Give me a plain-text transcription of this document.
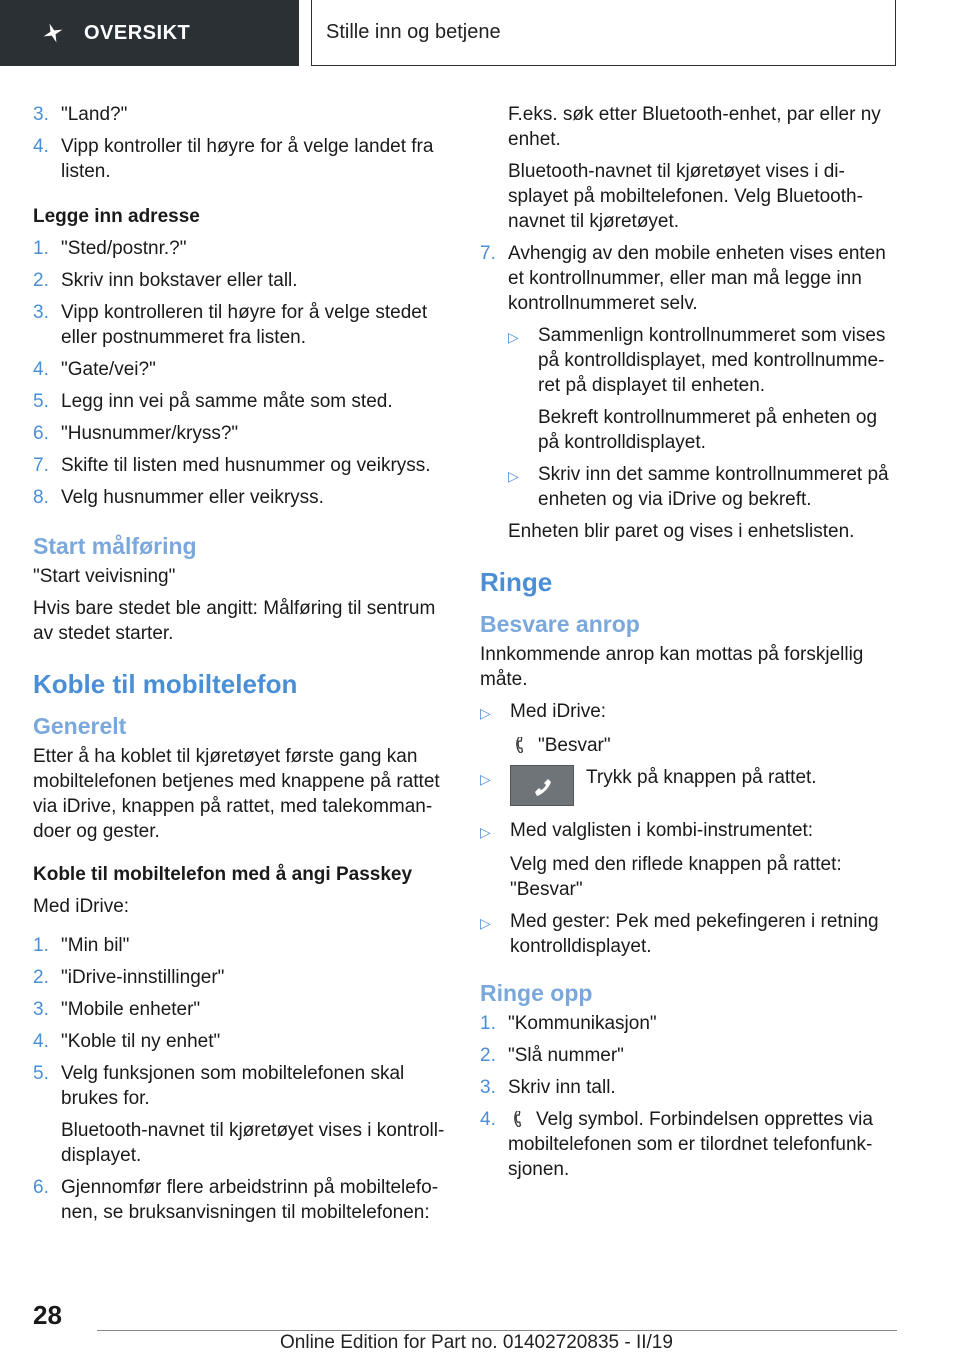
OVERSIKT	Stille inn og betjene
3. "Land?"
4. Vipp kontroller til høyre for å velge landet fra listen.
Legge inn adresse
1. "Sted/postnr.?"
2. Skriv inn bokstaver eller tall.
3. Vipp kontrolleren til høyre for å velge stedet eller postnummeret fra listen.
4. "Gate/vei?"
5. Legg inn vei på samme måte som sted.
6. "Husnummer/kryss?"
7. Skifte til listen med husnummer og veikryss.
8. Velg husnummer eller veikryss.
Start målføring
"Start veivisning"
Hvis bare stedet ble angitt: Målføring til sentrum av stedet starter.
Koble til mobiltelefon
Generelt
Etter å ha koblet til kjøretøyet første gang kan mobiltelefonen betjenes med knappene på rattet via iDrive, knappen på rattet, med talekommandoer og gester.
Koble til mobiltelefon med å angi Passkey
Med iDrive:
1. "Min bil"
2. "iDrive-innstillinger"
3. "Mobile enheter"
4. "Koble til ny enhet"
5. Velg funksjonen som mobiltelefonen skal brukes for.
Bluetooth-navnet til kjøretøyet vises i kontrolldisplayet.
6. Gjennomfør flere arbeidstrinn på mobiltelefonen, se bruksanvisningen til mobiltelefonen:
F.eks. søk etter Bluetooth-enhet, par eller ny enhet.
Bluetooth-navnet til kjøretøyet vises i displayet på mobiltelefonen. Velg Bluetooth-navnet til kjøretøyet.
7. Avhengig av den mobile enheten vises enten et kontrollnummer, eller man må legge inn kontrollnummeret selv.
▷	Sammenlign kontrollnummeret som vises på kontrolldisplayet, med kontrollnummeret på displayet til enheten.
Bekreft kontrollnummeret på enheten og på kontrolldisplayet.
▷	Skriv inn det samme kontrollnummeret på enheten og via iDrive og bekreft.
Enheten blir paret og vises i enhetslisten.
Ringe
Besvare anrop
Innkommende anrop kan mottas på forskjellig måte.
▷	Med iDrive:
"Besvar"
▷	Trykk på knappen på rattet.
▷	Med valglisten i kombi-instrumentet:
Velg med den riflede knappen på rattet: "Besvar"
▷	Med gester: Pek med pekefingeren i retning kontrolldisplayet.
Ringe opp
1. "Kommunikasjon"
2. "Slå nummer"
3. Skriv inn tall.
4.	Velg symbol. Forbindelsen opprettes via mobiltelefonen som er tilordnet telefonfunksjonen.
28
Online Edition for Part no. 01402720835 - II/19
